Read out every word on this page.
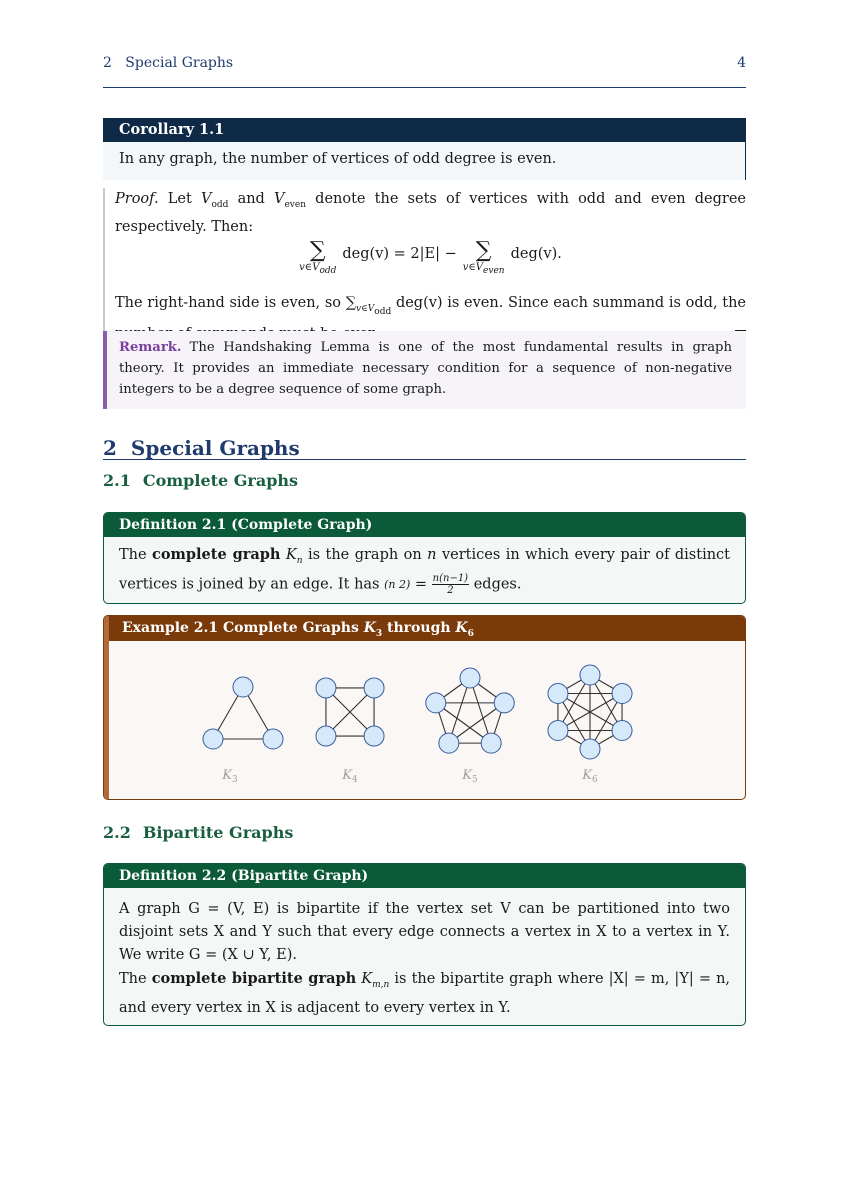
2 Special Graphs	4
Corollary 1.1
In any graph, the number of vertices of odd degree is even.

Proof. Let $V_{odd}$ and $V_{even}$ denote the sets of vertices with odd and even degree respectively. Then:

∑
$v\in V_{odd}$
deg(v) = 2|E| − ∑
$v\in V_{even}$
deg(v).

The right-hand side is even, so $\sum_{v\in V_{odd}}$ deg(v) is even. Since each summand is odd, the

Remark. The Handshaking Lemma is one of the most fundamental results in graph theory. It provides an immediate necessary condition for a sequence of non-negative integers to be a degree sequence of some graph.
2 Special Graphs
2.1 Complete Graphs
Definition 2.1 (Complete Graph)

The complete graph $K_n$ is the graph on n vertices in which every pair of distinct vertices is joined by an edge. It has (n $2) = \frac{n(n-1)}{2}$ edges.

Example 2.1 Complete Graphs $K_3$ through $K_6$
$K_3$	$K_4$	$K_5$	$K_6$
2.2 Bipartite Graphs
Definition 2.2 (Bipartite Graph)

A graph G = (V, E) is bipartite if the vertex set V can be partitioned into two disjoint sets X and Y such that every edge connects a vertex in X to a vertex in Y. We write G = (X ∪ Y, E).

The complete bipartite graph $K_{m,n}$ is the bipartite graph where |X| = m, |Y| = n, and every vertex in X is adjacent to every vertex in Y.
